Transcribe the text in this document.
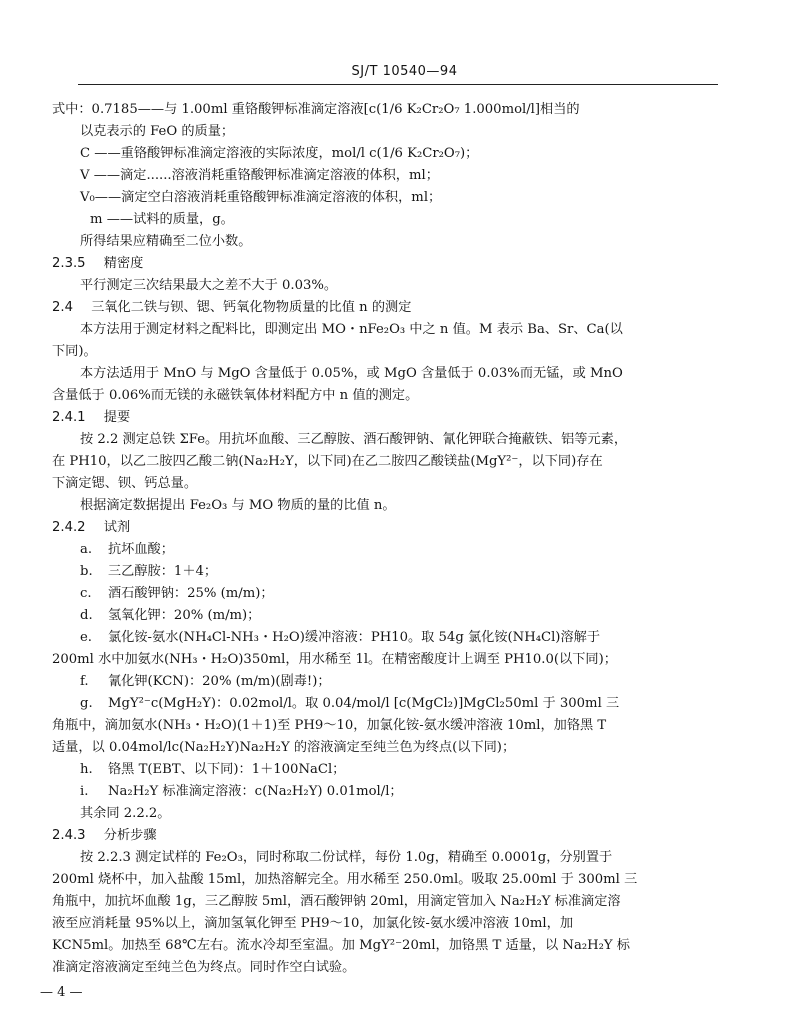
SJ/T 10540—94
式中：0.7185——与 1.00ml 重铬酸钾标准滴定溶液[c(1/6 K₂Cr₂O₇ 1.000mol/l]相当的
以克表示的 FeO 的质量；
C ——重铬酸钾标准滴定溶液的实际浓度，mol/l c(1/6 K₂Cr₂O₇)；
V ——滴定......溶液消耗重铬酸钾标准滴定溶液的体积，ml；
V₀——滴定空白溶液消耗重铬酸钾标准滴定溶液的体积，ml；
m ——试料的质量，g。
所得结果应精确至二位小数。
2.3.5 精密度
平行测定三次结果最大之差不大于 0.03%。
2.4 三氧化二铁与钡、锶、钙氧化物物质量的比值 n 的测定
本方法用于测定材料之配料比，即测定出 MO・nFe₂O₃ 中之 n 值。M 表示 Ba、Sr、Ca(以
下同)。
本方法适用于 MnO 与 MgO 含量低于 0.05%，或 MgO 含量低于 0.03%而无锰，或 MnO
含量低于 0.06%而无镁的永磁铁氧体材料配方中 n 值的测定。
2.4.1 提要
按 2.2 测定总铁 ΣFe。用抗坏血酸、三乙醇胺、酒石酸钾钠、氰化钾联合掩蔽铁、铝等元素，
在 PH10，以乙二胺四乙酸二钠(Na₂H₂Y，以下同)在乙二胺四乙酸镁盐(MgY²⁻，以下同)存在
下滴定锶、钡、钙总量。
根据滴定数据提出 Fe₂O₃ 与 MO 物质的量的比值 n。
2.4.2 试剂
a. 抗坏血酸；
b. 三乙醇胺：1＋4；
c. 酒石酸钾钠：25% (m/m)；
d. 氢氧化钾：20% (m/m)；
e. 氯化铵-氨水(NH₄Cl-NH₃・H₂O)缓冲溶液：PH10。取 54g 氯化铵(NH₄Cl)溶解于
200ml 水中加氨水(NH₃・H₂O)350ml，用水稀至 1l。在精密酸度计上调至 PH10.0(以下同)；
f. 氰化钾(KCN)：20% (m/m)(剧毒!)；
g. MgY²⁻c(MgH₂Y)：0.02mol/l。取 0.04/mol/l [c(MgCl₂)]MgCl₂50ml 于 300ml 三
角瓶中，滴加氨水(NH₃・H₂O)(1＋1)至 PH9～10，加氯化铵-氨水缓冲溶液 10ml，加铬黑 T
适量，以 0.04mol/lc(Na₂H₂Y)Na₂H₂Y 的溶液滴定至纯兰色为终点(以下同)；
h. 铬黑 T(EBT、以下同)：1＋100NaCl；
i. Na₂H₂Y 标准滴定溶液：c(Na₂H₂Y) 0.01mol/l；
其余同 2.2.2。
2.4.3 分析步骤
按 2.2.3 测定试样的 Fe₂O₃，同时称取二份试样，每份 1.0g，精确至 0.0001g，分别置于
200ml 烧杯中，加入盐酸 15ml，加热溶解完全。用水稀至 250.0ml。吸取 25.00ml 于 300ml 三
角瓶中，加抗坏血酸 1g，三乙醇胺 5ml，酒石酸钾钠 20ml，用滴定管加入 Na₂H₂Y 标准滴定溶
液至应消耗量 95%以上，滴加氢氧化钾至 PH9～10，加氯化铵-氨水缓冲溶液 10ml，加
KCN5ml。加热至 68℃左右。流水冷却至室温。加 MgY²⁻20ml，加铬黑 T 适量，以 Na₂H₂Y 标
准滴定溶液滴定至纯兰色为终点。同时作空白试验。
— 4 —
